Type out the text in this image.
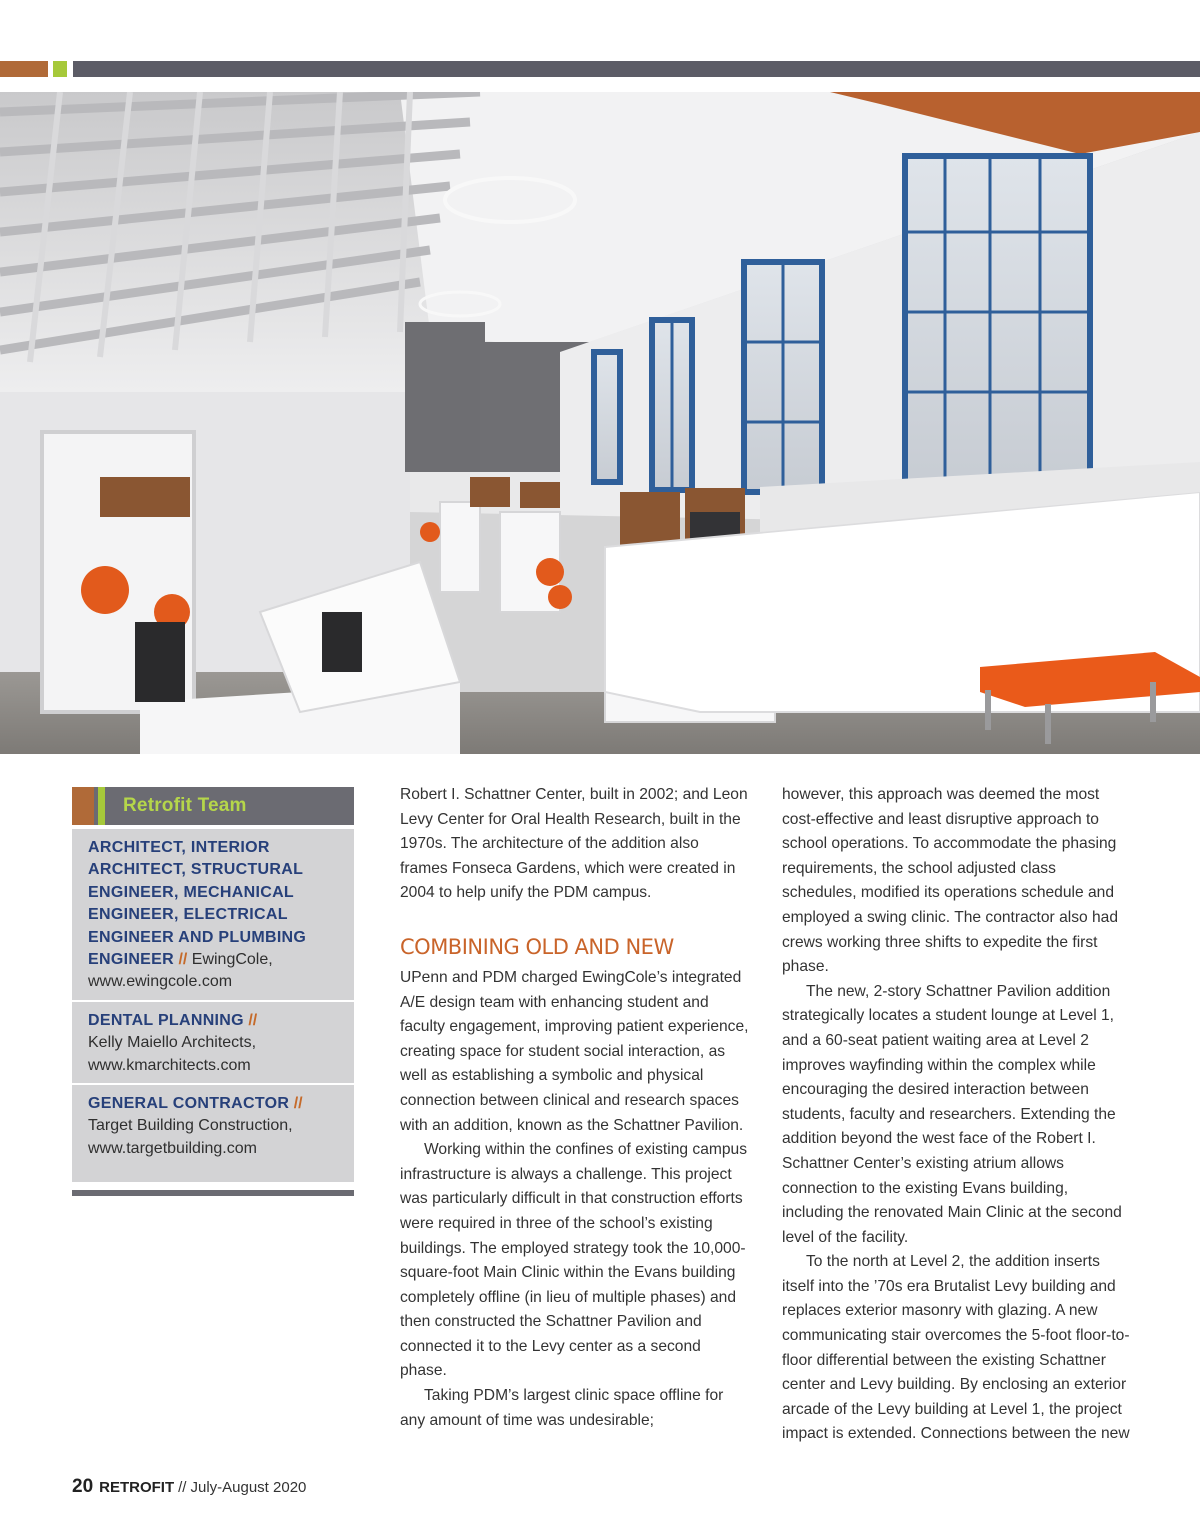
Retrofit Team
ARCHITECT, INTERIOR ARCHITECT, STRUCTURAL ENGINEER, MECHANICAL ENGINEER, ELECTRICAL ENGINEER AND PLUMBING ENGINEER // EwingCole,
www.ewingcole.com
DENTAL PLANNING //
Kelly Maiello Architects,
www.kmarchitects.com
GENERAL CONTRACTOR //
Target Building Construction,
www.targetbuilding.com

Robert I. Schattner Center, built in 2002; and Leon Levy Center for Oral Health Research, built in the 1970s. The architecture of the addition also frames Fonseca Gardens, which were created in 2004 to help unify the PDM campus.

COMBINING OLD AND NEW

UPenn and PDM charged EwingCole’s integrated A/E design team with enhancing student and faculty engagement, improving patient experience, creating space for student social interaction, as well as establishing a symbolic and physical connection between clinical and research spaces with an addition, known as the Schattner Pavilion.

Working within the confines of existing campus infrastructure is always a challenge. This project was particularly difficult in that construction efforts were required in three of the school’s existing buildings. The employed strategy took the 10,000-square-foot Main Clinic within the Evans building completely offline (in lieu of multiple phases) and then constructed the Schattner Pavilion and connected it to the Levy center as a second phase.

Taking PDM’s largest clinic space offline for any amount of time was undesirable;

however, this approach was deemed the most cost-effective and least disruptive approach to school operations. To accommodate the phasing requirements, the school adjusted class schedules, modified its operations schedule and employed a swing clinic. The contractor also had crews working three shifts to expedite the first phase.

The new, 2-story Schattner Pavilion addition strategically locates a student lounge at Level 1, and a 60-seat patient waiting area at Level 2 improves wayfinding within the complex while encouraging the desired interaction between students, faculty and researchers. Extending the addition beyond the west face of the Robert I. Schattner Center’s existing atrium allows connection to the existing Evans building, including the renovated Main Clinic at the second level of the facility.

To the north at Level 2, the addition inserts itself into the ’70s era Brutalist Levy building and replaces exterior masonry with glazing. A new communicating stair overcomes the 5-foot floor-to-floor differential between the existing Schattner center and Levy building. By enclosing an exterior arcade of the Levy building at Level 1, the project impact is extended. Connections between the new

20 RETROFIT // July-August 2020
